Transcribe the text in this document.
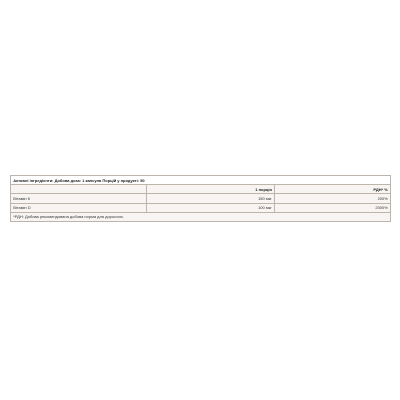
Активні інгредієнти: Добова доза: 1 капсула Порцій у продукті: 50		
	1 порція	РДН* %
Вітамін К	150 мкг	200%
Вітамін D	100 мкг	2000%
*РДН: Добова рекомендована добова норма для дорослих.		
